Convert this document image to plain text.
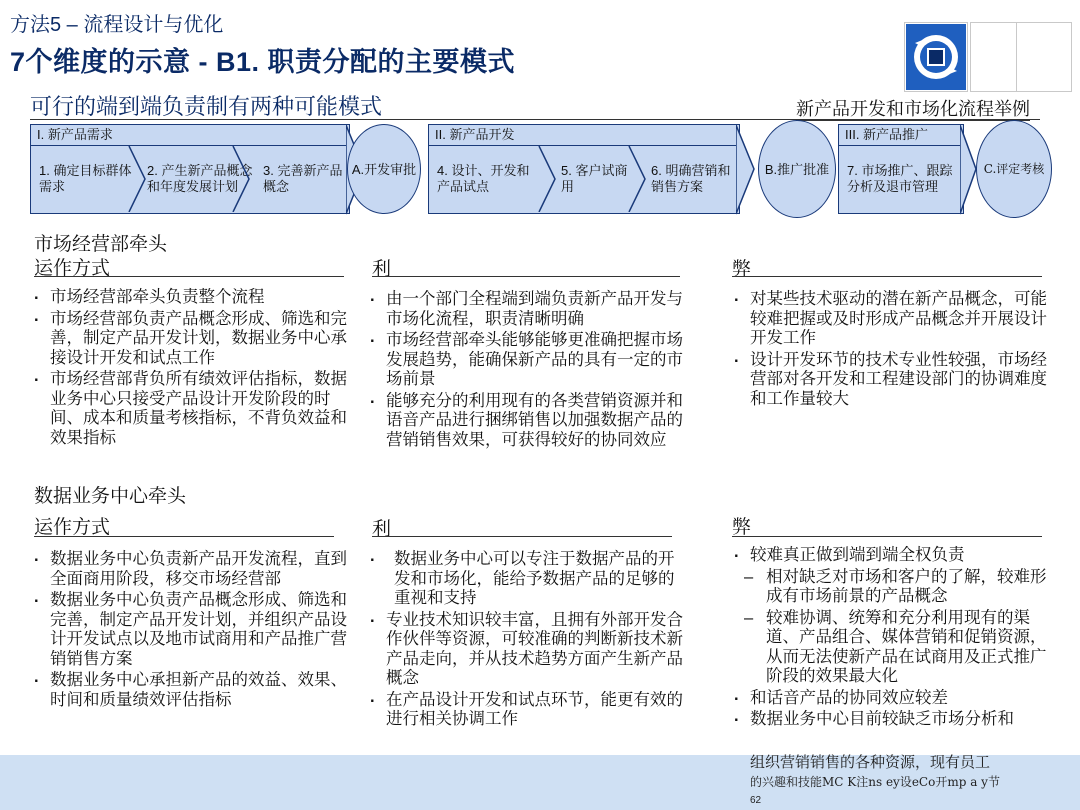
方法5 – 流程设计与优化
7个维度的示意 - B1. 职责分配的主要模式
可行的端到端负责制有两种可能模式	新产品开发和市场化流程举例
I. 新产品需求
1. 确定目标群体需求
2. 产生新产品概念和年度发展计划
3. 完善新产品概念
A.开发审批
II. 新产品开发
4. 设计、开发和产品试点
5. 客户试商用
6. 明确营销和销售方案
B.推广批准
III. 新产品推广
7. 市场推广、跟踪分析及退市管理
C.评定考核
市场经营部牵头
运作方式	利	弊
. 市场经营部牵头负责整个流程
. 市场经营部负责产品概念形成、筛选和完善，制定产品开发计划，数据业务中心承接设计开发和试点工作
. 市场经营部背负所有绩效评估指标，数据业务中心只接受产品设计开发阶段的时间、成本和质量考核指标，不背负效益和效果指标
. 由一个部门全程端到端负责新产品开发与市场化流程，职责清晰明确
. 市场经营部牵头能够能够更准确把握市场发展趋势，能确保新产品的具有一定的市场前景
. 能够充分的利用现有的各类营销资源并和语音产品进行捆绑销售以加强数据产品的营销销售效果，可获得较好的协同效应
. 对某些技术驱动的潜在新产品概念，可能较难把握或及时形成产品概念并开展设计开发工作
. 设计开发环节的技术专业性较强，市场经营部对各开发和工程建设部门的协调难度和工作量较大
数据业务中心牵头
运作方式	利	弊
. 数据业务中心负责新产品开发流程，直到全面商用阶段，移交市场经营部
. 数据业务中心负责产品概念形成、筛选和完善，制定产品开发计划，并组织产品设计开发试点以及地市试商用和产品推广营销销售方案
. 数据业务中心承担新产品的效益、效果、时间和质量绩效评估指标
. 数据业务中心可以专注于数据产品的开发和市场化，能给予数据产品的足够的重视和支持
. 专业技术知识较丰富，且拥有外部开发合作伙伴等资源，可较准确的判断新技术新产品走向，并从技术趋势方面产生新产品概念
. 在产品设计开发和试点环节，能更有效的进行相关协调工作
. 较难真正做到端到端全权负责
– 相对缺乏对市场和客户的了解，较难形成有市场前景的产品概念
– 较难协调、统筹和充分利用现有的渠道、产品组合、媒体营销和促销资源，从而无法使新产品在试商用及正式推广阶段的效果最大化
. 和话音产品的协同效应较差
. 数据业务中心目前较缺乏市场分析和
组织营销销售的各种资源，现有员工
的兴趣和技能MC K注ns ey设eCo开mp a y节
62
